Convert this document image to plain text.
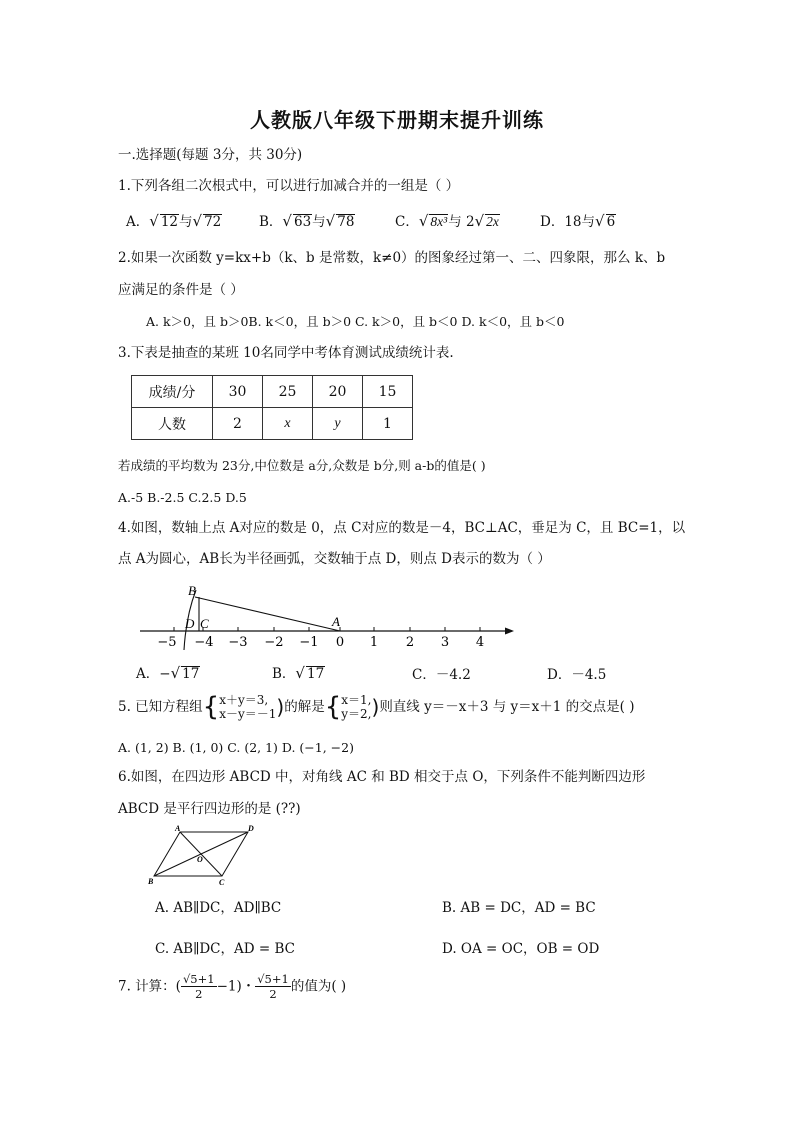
人教版八年级下册期末提升训练
一.选择题(每题 3分，共 30分)
1.下列各组二次根式中，可以进行加减合并的一组是（ ）
A．√ 12与√ 72	B．√ 63与√ 78	C．√ 8x³与 2√ 2x	D．18与√ 6
2.如果一次函数 y=kx+b（k、b 是常数，k≠0）的图象经过第一、二、四象限，那么 k、b
应满足的条件是（ ）
A. k＞0，且 b＞0B. k＜0，且 b＞0 C. k＞0，且 b＜0 D. k＜0，且 b＜0
3.下表是抽查的某班 10名同学中考体育测试成绩统计表.
成绩/分	30	25	20	15
人数	2	x	y	1
若成绩的平均数为 23分,中位数是 a分,众数是 b分,则 a-b的值是( )
A.-5 B.-2.5 C.2.5 D.5
4.如图，数轴上点 A对应的数是 0，点 C对应的数是－4，BC⊥AC，垂足为 C，且 BC=1，以
点 A为圆心，AB长为半径画弧，交数轴于点 D，则点 D表示的数为（ ）
B
D C	A
−5 −4 −3 −2 −1 0 1 2 3 4
A．−√ 17	B．√ 17	C．－4.2	D．－4.5
5. 已知方程组{x＋y＝3,
x－y＝－1)的解是{x＝1,
y＝2,)则直线 y＝－x＋3 与 y＝x＋1 的交点是( )
A. (1, 2) B. (1, 0) C. (2, 1) D. (−1, −2)
6.如图，在四边形 ABCD 中，对角线 AC 和 BD 相交于点 O，下列条件不能判断四边形
ABCD 是平行四边形的是 (??)
A
B	C
D
O
A. AB∥DC，AD∥BC	B. AB = DC，AD = BC
C. AB∥DC，AD = BC	D. OA = OC，OB = OD
7. 计算：( $\frac{√5+1}{2} -1$)・ $\frac{√5+1}{2}$ 的值为( )
